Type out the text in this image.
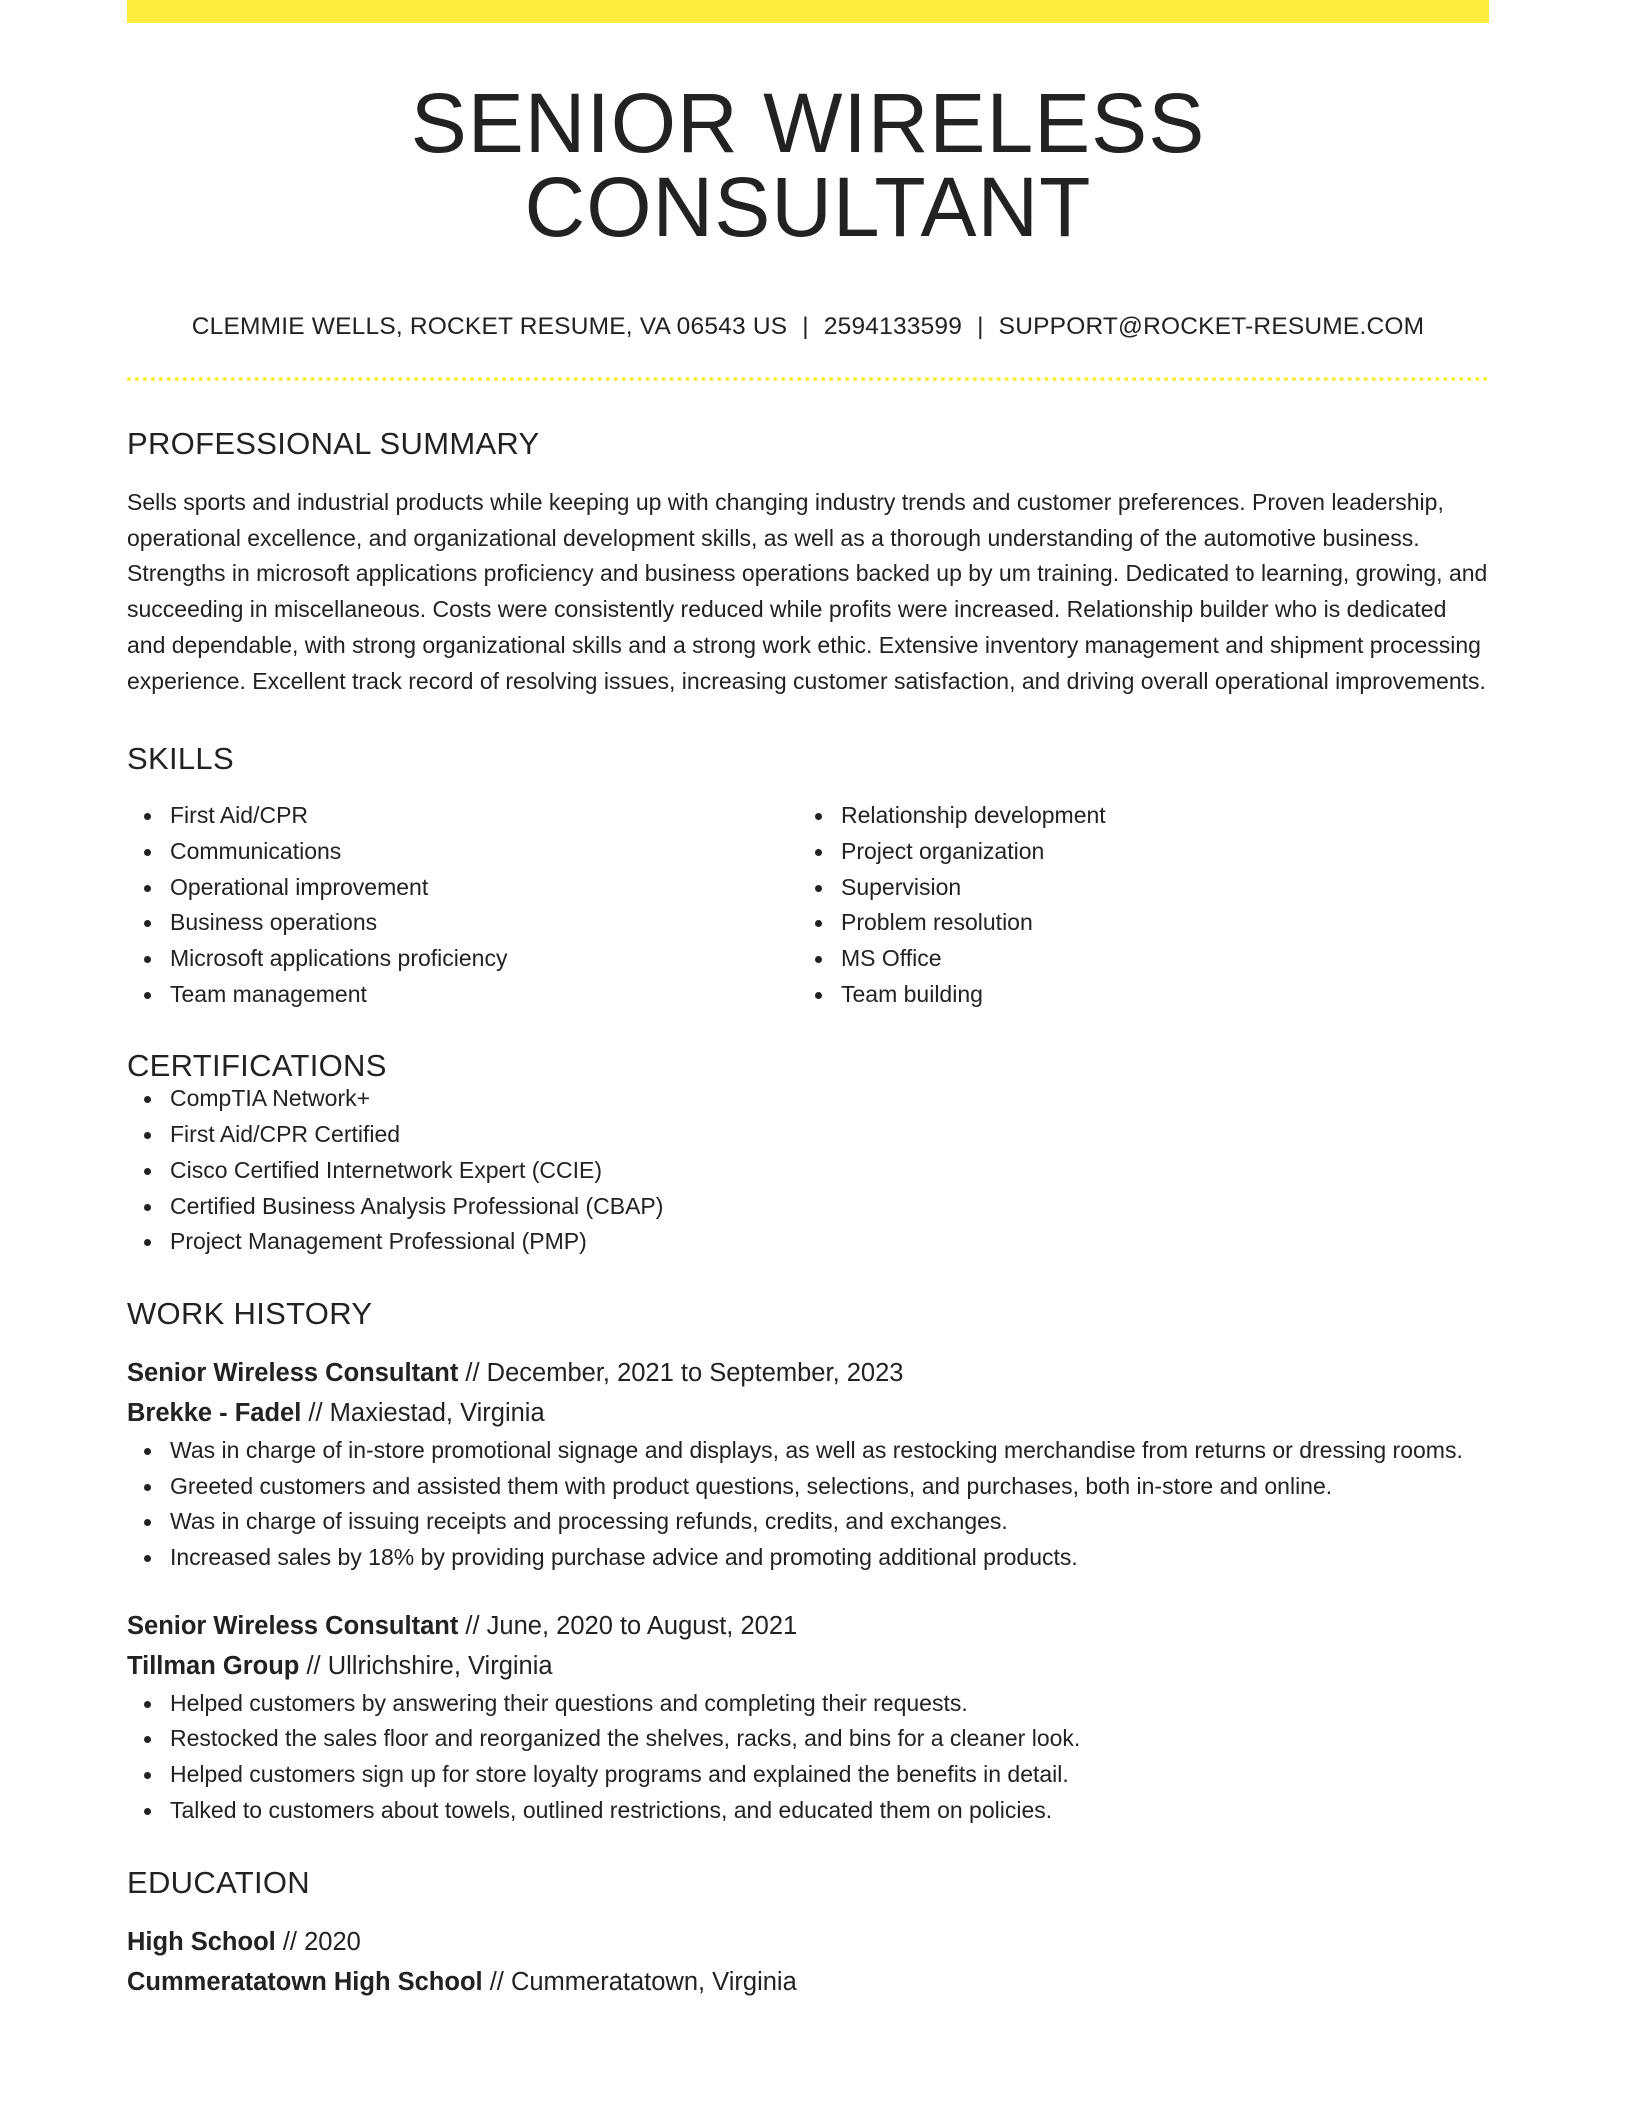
SENIOR WIRELESS CONSULTANT
CLEMMIE WELLS, ROCKET RESUME, VA 06543 US | 2594133599 | SUPPORT@ROCKET-RESUME.COM
PROFESSIONAL SUMMARY

Sells sports and industrial products while keeping up with changing industry trends and customer preferences. Proven leadership, operational excellence, and organizational development skills, as well as a thorough understanding of the automotive business. Strengths in microsoft applications proficiency and business operations backed up by um training. Dedicated to learning, growing, and succeeding in miscellaneous. Costs were consistently reduced while profits were increased. Relationship builder who is dedicated and dependable, with strong organizational skills and a strong work ethic. Extensive inventory management and shipment processing experience. Excellent track record of resolving issues, increasing customer satisfaction, and driving overall operational improvements.

SKILLS
First Aid/CPR
Communications
Operational improvement
Business operations
Microsoft applications proficiency
Team management
Relationship development
Project organization
Supervision
Problem resolution
MS Office
Team building
CERTIFICATIONS
CompTIA Network+
First Aid/CPR Certified
Cisco Certified Internetwork Expert (CCIE)
Certified Business Analysis Professional (CBAP)
Project Management Professional (PMP)
WORK HISTORY
Senior Wireless Consultant // December, 2021 to September, 2023
Brekke - Fadel // Maxiestad, Virginia
Was in charge of in-store promotional signage and displays, as well as restocking merchandise from returns or dressing rooms.
Greeted customers and assisted them with product questions, selections, and purchases, both in-store and online.
Was in charge of issuing receipts and processing refunds, credits, and exchanges.
Increased sales by 18% by providing purchase advice and promoting additional products.
Senior Wireless Consultant // June, 2020 to August, 2021
Tillman Group // Ullrichshire, Virginia
Helped customers by answering their questions and completing their requests.
Restocked the sales floor and reorganized the shelves, racks, and bins for a cleaner look.
Helped customers sign up for store loyalty programs and explained the benefits in detail.
Talked to customers about towels, outlined restrictions, and educated them on policies.
EDUCATION
High School // 2020
Cummeratatown High School // Cummeratatown, Virginia
